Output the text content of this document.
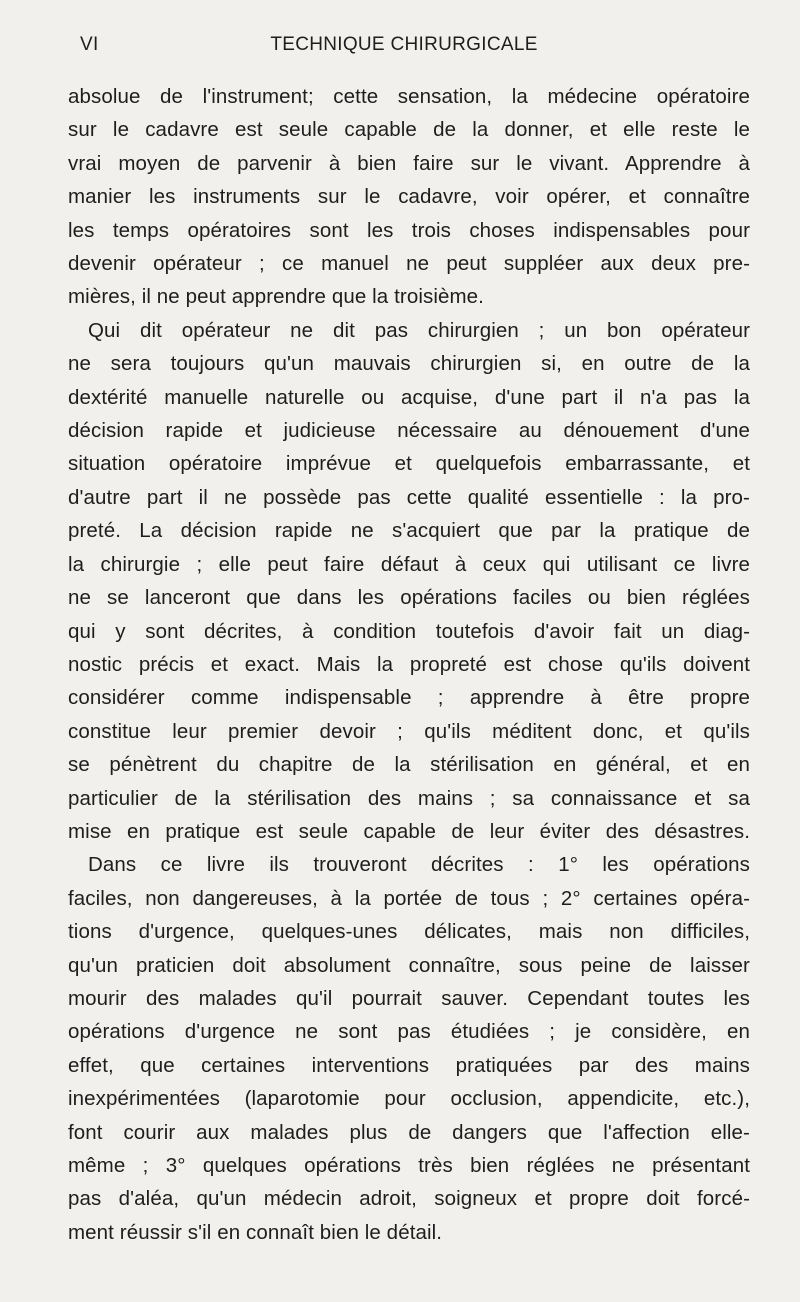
VI	TECHNIQUE CHIRURGICALE

absolue de l'instrument; cette sensation, la médecine opératoire
sur le cadavre est seule capable de la donner, et elle reste le
vrai moyen de parvenir à bien faire sur le vivant. Apprendre à
manier les instruments sur le cadavre, voir opérer, et connaître
les temps opératoires sont les trois choses indispensables pour
devenir opérateur ; ce manuel ne peut suppléer aux deux pre-
mières, il ne peut apprendre que la troisième.

Qui dit opérateur ne dit pas chirurgien ; un bon opérateur
ne sera toujours qu'un mauvais chirurgien si, en outre de la
dextérité manuelle naturelle ou acquise, d'une part il n'a pas la
décision rapide et judicieuse nécessaire au dénouement d'une
situation opératoire imprévue et quelquefois embarrassante, et
d'autre part il ne possède pas cette qualité essentielle : la pro-
preté. La décision rapide ne s'acquiert que par la pratique de
la chirurgie ; elle peut faire défaut à ceux qui utilisant ce livre
ne se lanceront que dans les opérations faciles ou bien réglées
qui y sont décrites, à condition toutefois d'avoir fait un diag-
nostic précis et exact. Mais la propreté est chose qu'ils doivent
considérer comme indispensable ; apprendre à être propre
constitue leur premier devoir ; qu'ils méditent donc, et qu'ils
se pénètrent du chapitre de la stérilisation en général, et en
particulier de la stérilisation des mains ; sa connaissance et sa
mise en pratique est seule capable de leur éviter des désastres.

Dans ce livre ils trouveront décrites : 1° les opérations
faciles, non dangereuses, à la portée de tous ; 2° certaines opéra-
tions d'urgence, quelques-unes délicates, mais non difficiles,
qu'un praticien doit absolument connaître, sous peine de laisser
mourir des malades qu'il pourrait sauver. Cependant toutes les
opérations d'urgence ne sont pas étudiées ; je considère, en
effet, que certaines interventions pratiquées par des mains
inexpérimentées (laparotomie pour occlusion, appendicite, etc.),
font courir aux malades plus de dangers que l'affection elle-
même ; 3° quelques opérations très bien réglées ne présentant
pas d'aléa, qu'un médecin adroit, soigneux et propre doit forcé-
ment réussir s'il en connaît bien le détail.
